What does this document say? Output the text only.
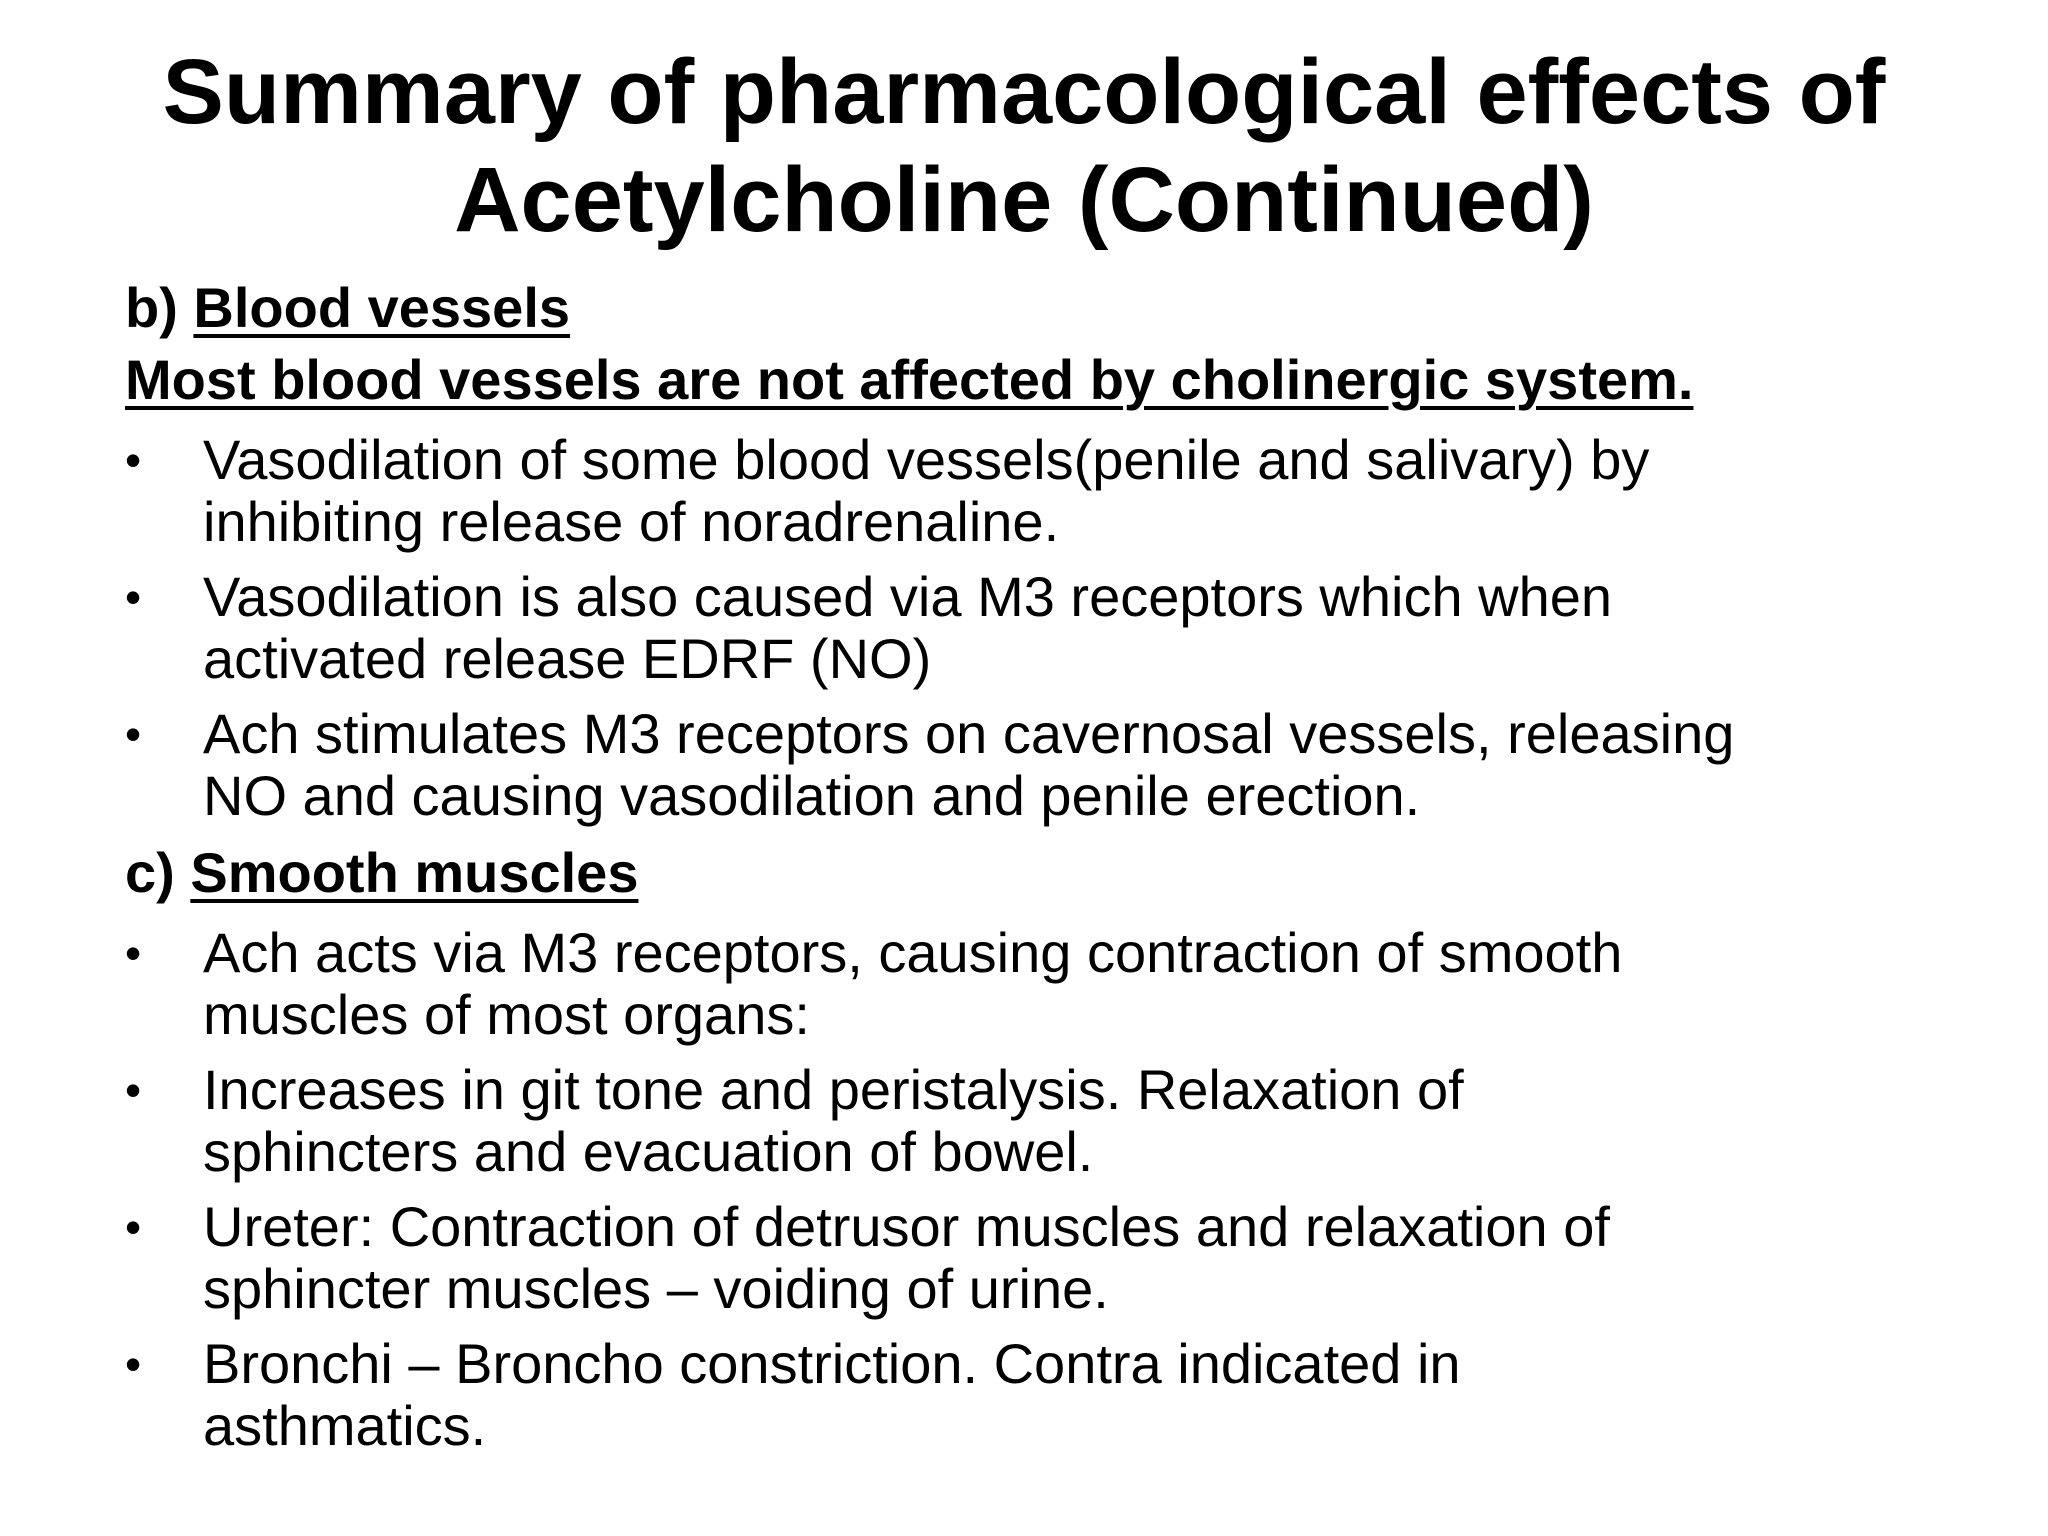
Summary of pharmacological effects of
Acetylcholine (Continued)
b) Blood vessels
Most blood vessels are not affected by cholinergic system.
• Vasodilation of some blood vessels(penile and salivary) by
inhibiting release of noradrenaline.
• Vasodilation is also caused via M3 receptors which when
activated release EDRF (NO)
• Ach stimulates M3 receptors on cavernosal vessels, releasing
NO and causing vasodilation and penile erection.
c) Smooth muscles
• Ach acts via M3 receptors, causing contraction of smooth
muscles of most organs:
• Increases in git tone and peristalysis. Relaxation of
sphincters and evacuation of bowel.
• Ureter: Contraction of detrusor muscles and relaxation of
sphincter muscles – voiding of urine.
• Bronchi – Broncho constriction. Contra indicated in
asthmatics.
